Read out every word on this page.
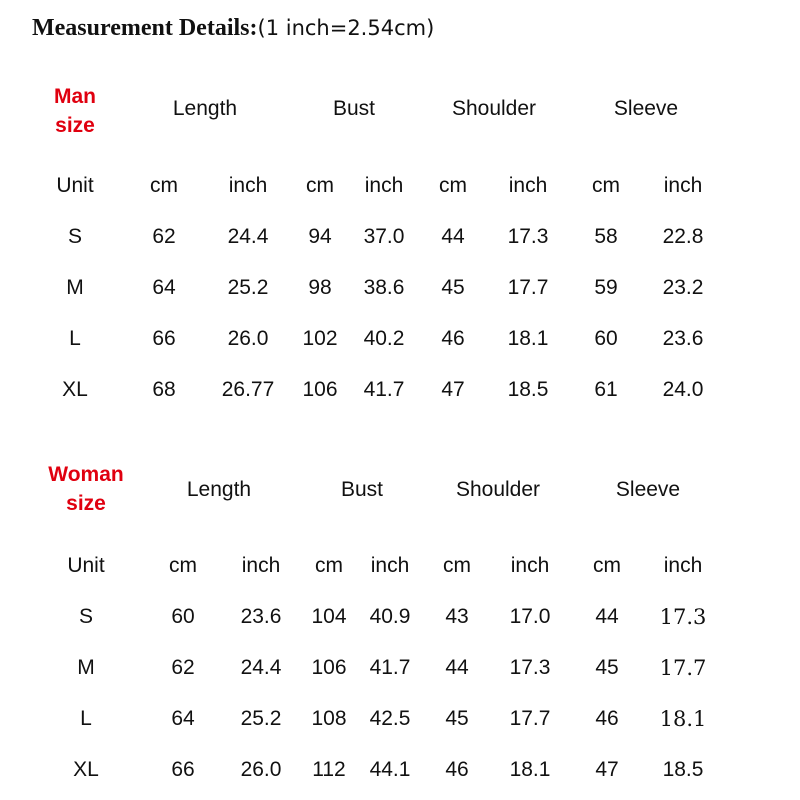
Measurement Details:(1 inch=2.54cm)
Man
size
Length	Bust	Shoulder	Sleeve
Unit	cm inch cm inch cm inch cm inch
S	62 24.4 94 37.0 44 17.3 58 22.8
M	64 25.2 98 38.6 45 17.7 59 23.2
L	66 26.0 102 40.2 46 18.1 60 23.6
XL	68 26.77 106 41.7 47 18.5 61 24.0
Woman
size
Length	Bust	Shoulder	Sleeve
Unit	cm inch cm inch cm inch cm inch
S	60 23.6 104 40.9 43 17.0 44 17.3
M	62 24.4 106 41.7 44 17.3 45 17.7
L	64 25.2 108 42.5 45 17.7 46 18.1
XL	66 26.0 112 44.1 46 18.1 47 18.5
